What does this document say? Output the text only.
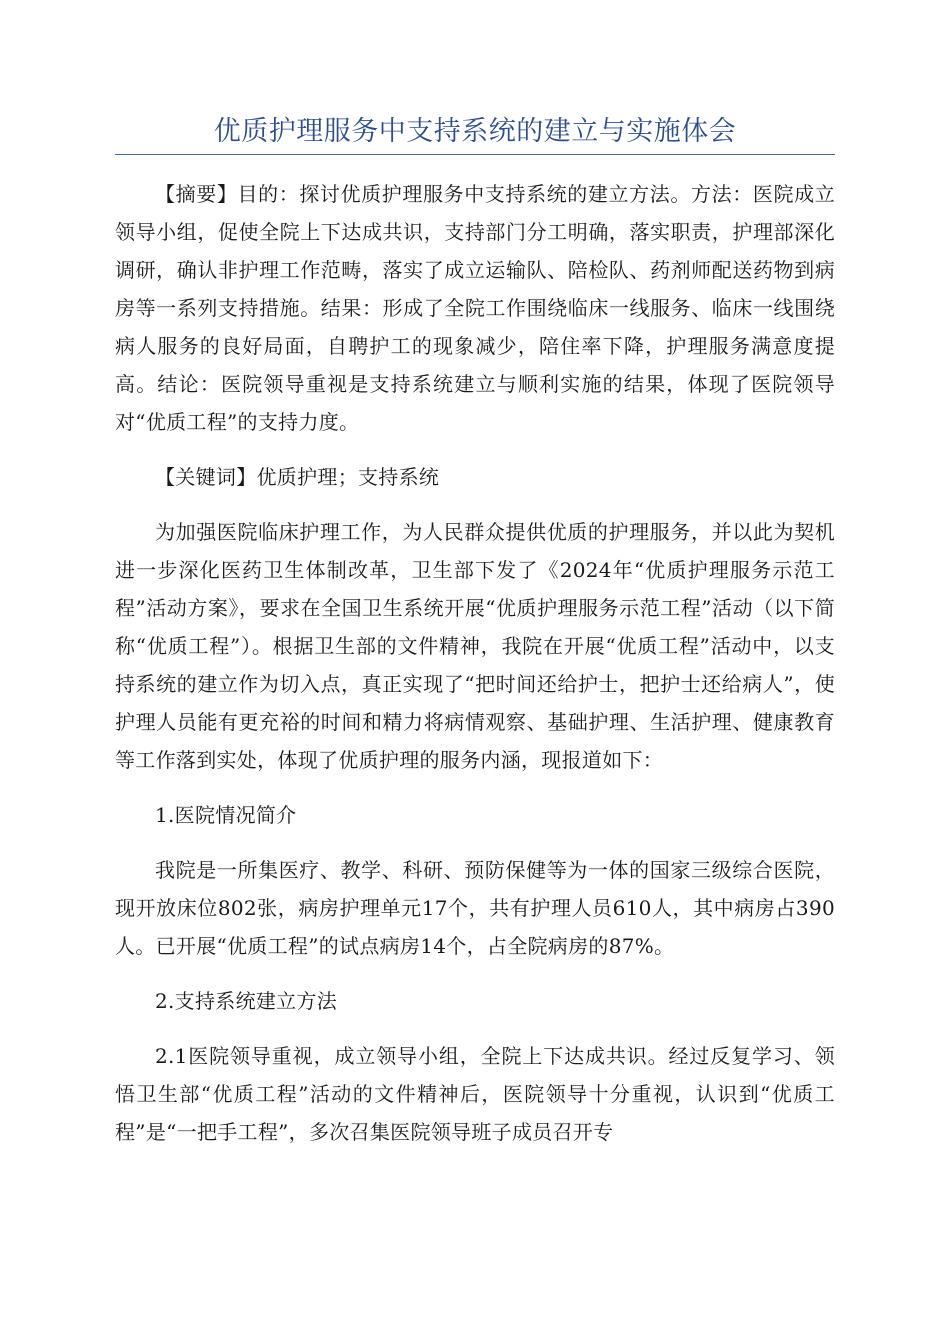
优质护理服务中支持系统的建立与实施体会

【摘要】目的：探讨优质护理服务中支持系统的建立方法。方法：医院成立领导小组，促使全院上下达成共识，支持部门分工明确，落实职责，护理部深化调研，确认非护理工作范畴，落实了成立运输队、陪检队、药剂师配送药物到病房等一系列支持措施。结果：形成了全院工作围绕临床一线服务、临床一线围绕病人服务的良好局面，自聘护工的现象减少，陪住率下降，护理服务满意度提高。结论：医院领导重视是支持系统建立与顺利实施的结果，体现了医院领导对“优质工程”的支持力度。

【关键词】优质护理；支持系统

为加强医院临床护理工作，为人民群众提供优质的护理服务，并以此为契机进一步深化医药卫生体制改革，卫生部下发了《2024年“优质护理服务示范工程”活动方案》，要求在全国卫生系统开展“优质护理服务示范工程”活动（以下简称“优质工程”）。根据卫生部的文件精神，我院在开展“优质工程”活动中，以支持系统的建立作为切入点，真正实现了“把时间还给护士，把护士还给病人”，使护理人员能有更充裕的时间和精力将病情观察、基础护理、生活护理、健康教育等工作落到实处，体现了优质护理的服务内涵，现报道如下：

1.医院情况简介

我院是一所集医疗、教学、科研、预防保健等为一体的国家三级综合医院，现开放床位802张，病房护理单元17个，共有护理人员610人，其中病房占390人。已开展“优质工程”的试点病房14个，占全院病房的87%。

2.支持系统建立方法

2.1医院领导重视，成立领导小组，全院上下达成共识。经过反复学习、领悟卫生部“优质工程”活动的文件精神后，医院领导十分重视，认识到“优质工程”是“一把手工程”，多次召集医院领导班子成员召开专
